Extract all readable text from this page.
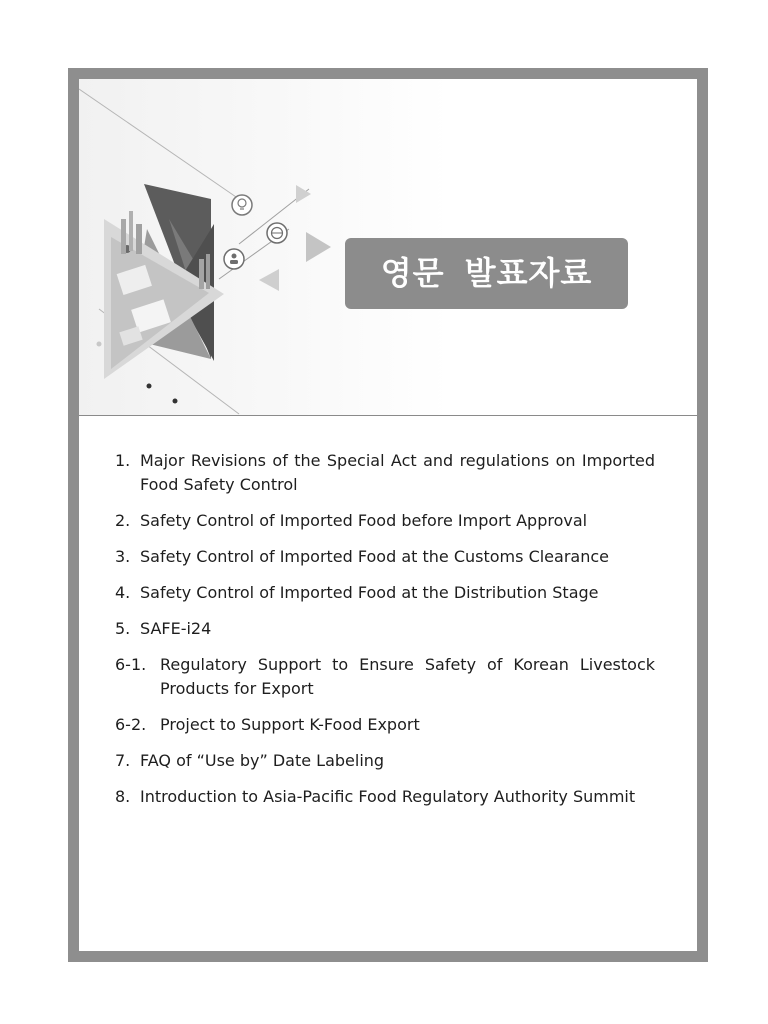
영문 발표자료
1. Major Revisions of the Special Act and regulations on Imported Food Safety Control
2. Safety Control of Imported Food before Import Approval
3. Safety Control of Imported Food at the Customs Clearance
4. Safety Control of Imported Food at the Distribution Stage
5. SAFE-i24
6-1. Regulatory Support to Ensure Safety of Korean Livestock Products for Export
6-2. Project to Support K-Food Export
7. FAQ of “Use by” Date Labeling
8. Introduction to Asia-Pacific Food Regulatory Authority Summit
